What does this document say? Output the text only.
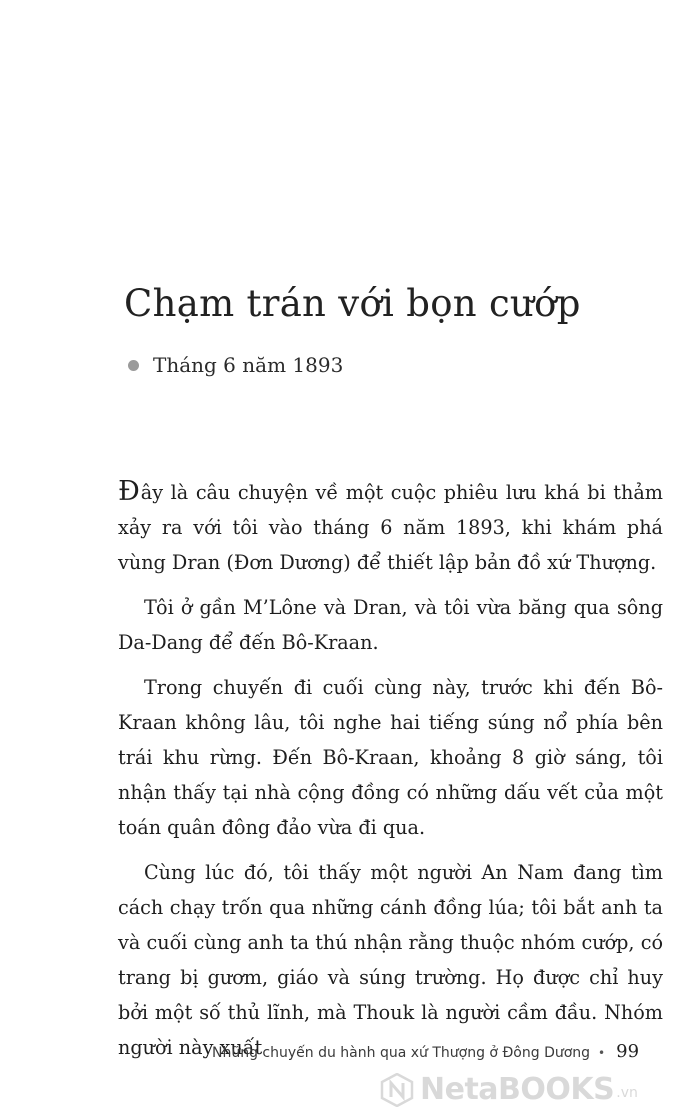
Chạm trán với bọn cướp
Tháng 6 năm 1893

Đây là câu chuyện về một cuộc phiêu lưu khá bi thảm xảy ra với tôi vào tháng 6 năm 1893, khi khám phá vùng Dran (Đơn Dương) để thiết lập bản đồ xứ Thượng.

Tôi ở gần M’Lône và Dran, và tôi vừa băng qua sông Da-Dang để đến Bô-Kraan.

Trong chuyến đi cuối cùng này, trước khi đến Bô-Kraan không lâu, tôi nghe hai tiếng súng nổ phía bên trái khu rừng. Đến Bô-Kraan, khoảng 8 giờ sáng, tôi nhận thấy tại nhà cộng đồng có những dấu vết của một toán quân đông đảo vừa đi qua.

Cùng lúc đó, tôi thấy một người An Nam đang tìm cách chạy trốn qua những cánh đồng lúa; tôi bắt anh ta và cuối cùng anh ta thú nhận rằng thuộc nhóm cướp, có trang bị gươm, giáo và súng trường. Họ được chỉ huy bởi một số thủ lĩnh, mà Thouk là người cầm đầu. Nhóm người này xuất

Những chuyến du hành qua xứ Thượng ở Đông Dương • 99
NetaBOOKS .vn
